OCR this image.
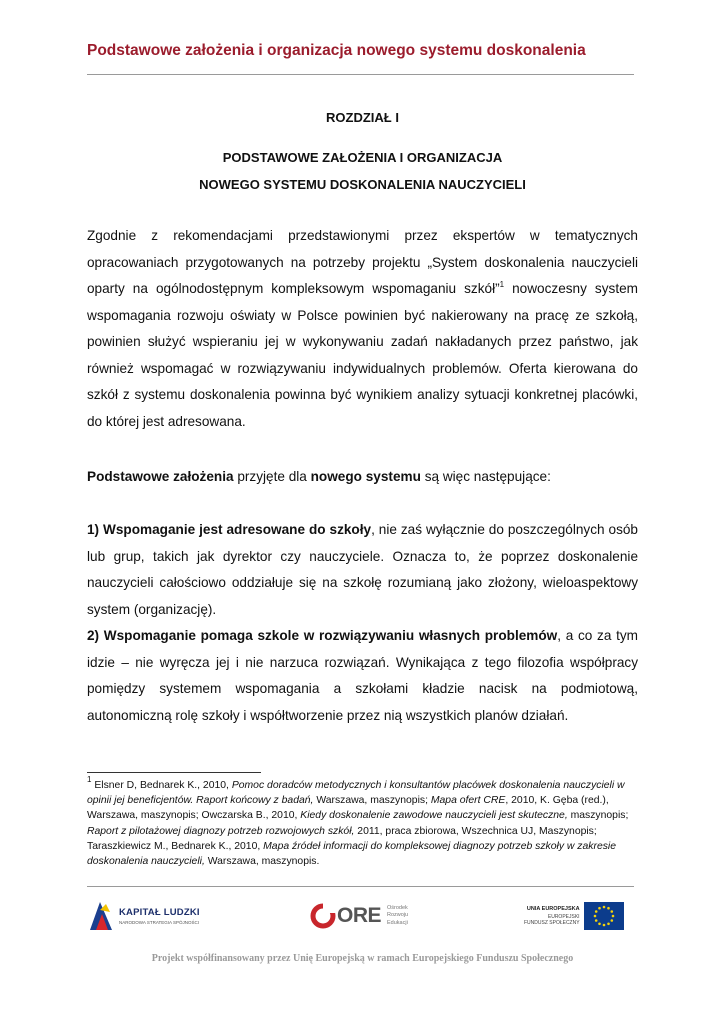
Podstawowe założenia i organizacja nowego systemu doskonalenia
ROZDZIAŁ I
PODSTAWOWE ZAŁOŻENIA I ORGANIZACJA
NOWEGO SYSTEMU DOSKONALENIA NAUCZYCIELI

Zgodnie z rekomendacjami przedstawionymi przez ekspertów w tematycznych opracowaniach przygotowanych na potrzeby projektu „System doskonalenia nauczycieli oparty na ogólnodostępnym kompleksowym wspomaganiu szkół”$^1$ nowoczesny system wspomagania rozwoju oświaty w Polsce powinien być nakierowany na pracę ze szkołą, powinien służyć wspieraniu jej w wykonywaniu zadań nakładanych przez państwo, jak również wspomagać w rozwiązywaniu indywidualnych problemów. Oferta kierowana do szkół z systemu doskonalenia powinna być wynikiem analizy sytuacji konkretnej placówki, do której jest adresowana.

Podstawowe założenia przyjęte dla nowego systemu są więc następujące:

1) Wspomaganie jest adresowane do szkoły, nie zaś wyłącznie do poszczególnych osób lub grup, takich jak dyrektor czy nauczyciele. Oznacza to, że poprzez doskonalenie nauczycieli całościowo oddziałuje się na szkołę rozumianą jako złożony, wieloaspektowy system (organizację).

2) Wspomaganie pomaga szkole w rozwiązywaniu własnych problemów, a co za tym idzie – nie wyręcza jej i nie narzuca rozwiązań. Wynikająca z tego filozofia współpracy pomiędzy systemem wspomagania a szkołami kładzie nacisk na podmiotową, autonomiczną rolę szkoły i współtworzenie przez nią wszystkich planów działań.

$^1$ Elsner D, Bednarek K., 2010, Pomoc doradców metodycznych i konsultantów placówek doskonalenia nauczycieli w opinii jej beneficjentów. Raport końcowy z badań, Warszawa, maszynopis; Mapa ofert CRE, 2010, K. Gęba (red.), Warszawa, maszynopis; Owczarska B., 2010, Kiedy doskonalenie zawodowe nauczycieli jest skuteczne, maszynopis; Raport z pilotażowej diagnozy potrzeb rozwojowych szkół, 2011, praca zbiorowa, Wszechnica UJ, Maszynopis; Taraszkiewicz M., Bednarek K., 2010, Mapa źródeł informacji do kompleksowej diagnozy potrzeb szkoły w zakresie doskonalenia nauczycieli, Warszawa, maszynopis.

KAPITAŁ LUDZKI
NARODOWA STRATEGIA SPÓJNOŚCI	ORE Ośrodek
Rozwoju
Edukacji
UNIA EUROPEJSKA
EUROPEJSKI
FUNDUSZ SPOŁECZNY
Projekt współfinansowany przez Unię Europejską w ramach Europejskiego Funduszu Społecznego
